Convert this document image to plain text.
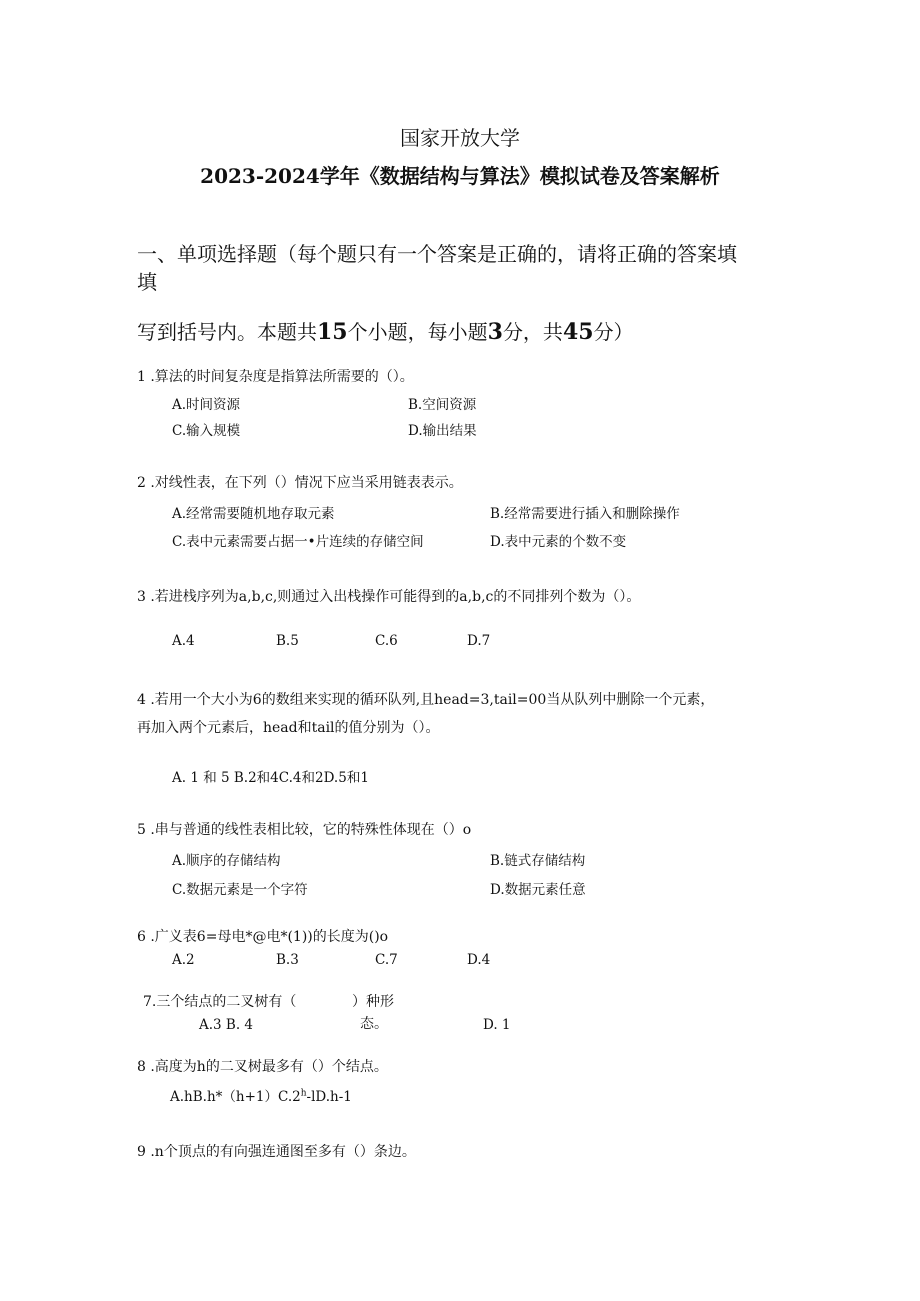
国家开放大学
2023-2024学年《数据结构与算法》模拟试卷及答案解析
一、单项选择题（每个题只有一个答案是正确的，请将正确的答案填
填
写到括号内。本题共15个小题，每小题3分，共45分）
1 .算法的时间复杂度是指算法所需要的（）。
A.时间资源	B.空间资源
C.输入规模	D.输出结果
2 .对线性表，在下列（）情况下应当采用链表表示。
A.经常需要随机地存取元素	B.经常需要进行插入和删除操作
C.表中元素需要占据一•片连续的存储空间	D.表中元素的个数不变
3 .若进栈序列为a,b,c,则通过入出栈操作可能得到的a,b,c的不同排列个数为（）。
A.4	B.5	C.6	D.7
4 .若用一个大小为6的数组来实现的循环队列,且head=3,tail=00当从队列中删除一个元素，
再加入两个元素后，head和tail的值分别为（）。
A. 1 和 5 B.2和4C.4和2D.5和1
5 .串与普通的线性表相比较，它的特殊性体现在（）o
A.顺序的存储结构	B.链式存储结构
C.数据元素是一个字符	D.数据元素任意
6 .广义表6=母电*@电*(1))的长度为()o
A.2	B.3	C.7	D.4
7.三个结点的二叉树有（	）种形
态。
A.3 B. 4	D. 1
8 .高度为h的二叉树最多有（）个结点。
A.hB.h*（h+1）C.2$^h$-lD.h-1
9 .n个顶点的有向强连通图至多有（）条边。
